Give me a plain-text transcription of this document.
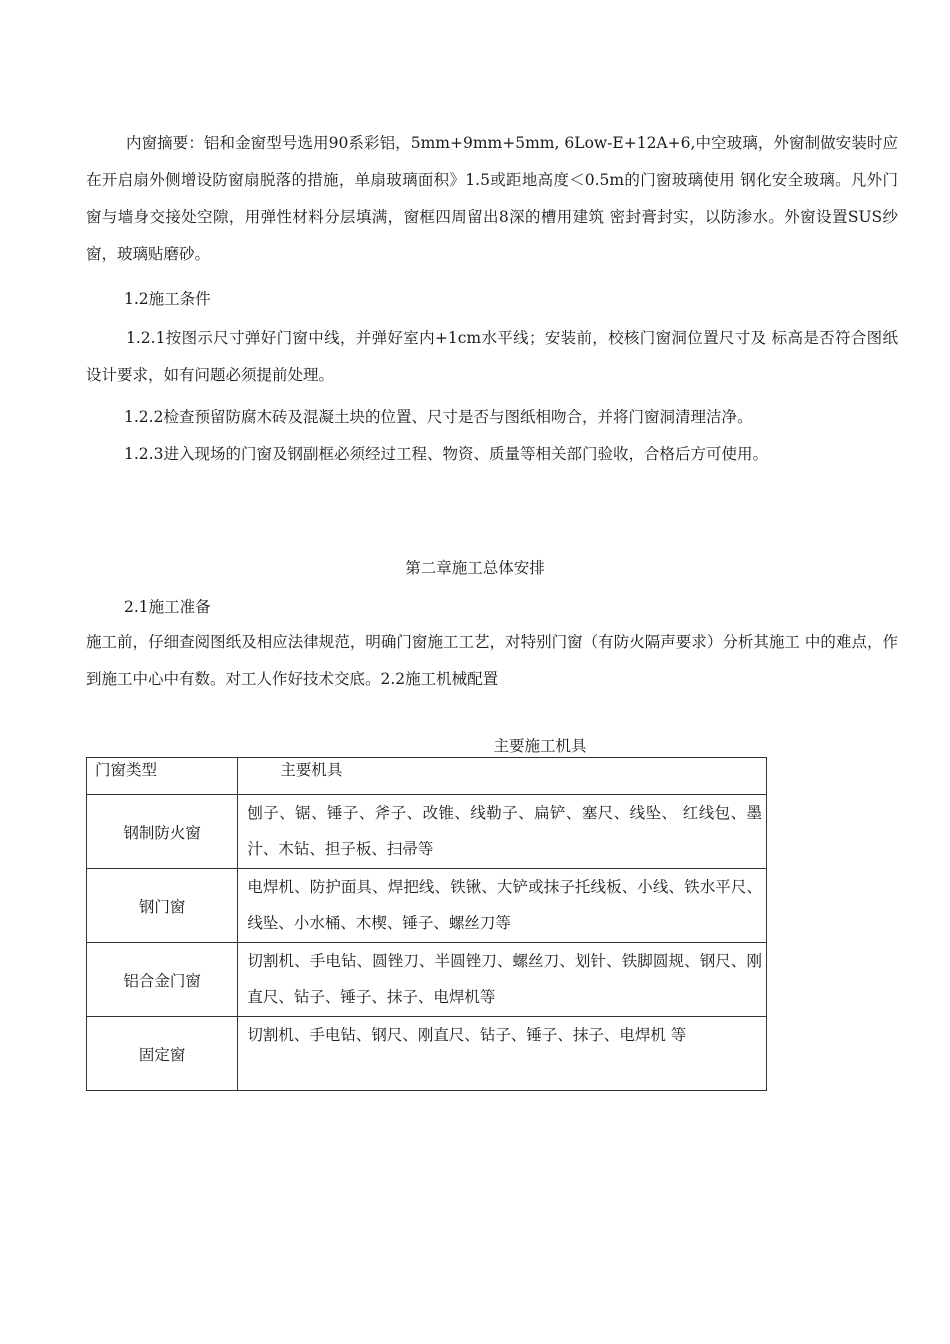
内窗摘要：铝和金窗型号选用90系彩铝，5mm+9mm+5mm, 6Low-E+12A+6,中空玻璃，外窗制做安装时应在开启扇外侧增设防窗扇脱落的措施，单扇玻璃面积》1.5或距地高度＜0.5m的门窗玻璃使用 钢化安全玻璃。凡外门窗与墙身交接处空隙，用弹性材料分层填满，窗框四周留出8深的槽用建筑 密封膏封实，以防渗水。外窗设置SUS纱窗，玻璃贴磨砂。

1.2施工条件

1.2.1按图示尺寸弹好门窗中线，并弹好室内+1cm水平线；安装前，校核门窗洞位置尺寸及 标高是否符合图纸设计要求，如有问题必须提前处理。

1.2.2检查预留防腐木砖及混凝土块的位置、尺寸是否与图纸相吻合，并将门窗洞清理洁净。

1.2.3进入现场的门窗及钢副框必须经过工程、物资、质量等相关部门验收，合格后方可使用。

第二章施工总体安排

2.1施工准备

施工前，仔细查阅图纸及相应法律规范，明确门窗施工工艺，对特别门窗（有防火隔声要求）分析其施工 中的难点，作到施工中心中有数。对工人作好技术交底。2.2施工机械配置

主要施工机具
门窗类型	主要机具
钢制防火窗	刨子、锯、锤子、斧子、改锥、线勒子、扁铲、塞尺、线坠、 红线包、墨汁、木钻、担子板、扫帚等
钢门窗	电焊机、防护面具、焊把线、铁锹、大铲或抹子托线板、小线、铁水平尺、线坠、小水桶、木楔、锤子、螺丝刀等
铝合金门窗	切割机、手电钻、圆锉刀、半圆锉刀、螺丝刀、划针、铁脚圆规、钢尺、刚直尺、钻子、锤子、抹子、电焊机等
固定窗	切割机、手电钻、钢尺、刚直尺、钻子、锤子、抹子、电焊机 等
